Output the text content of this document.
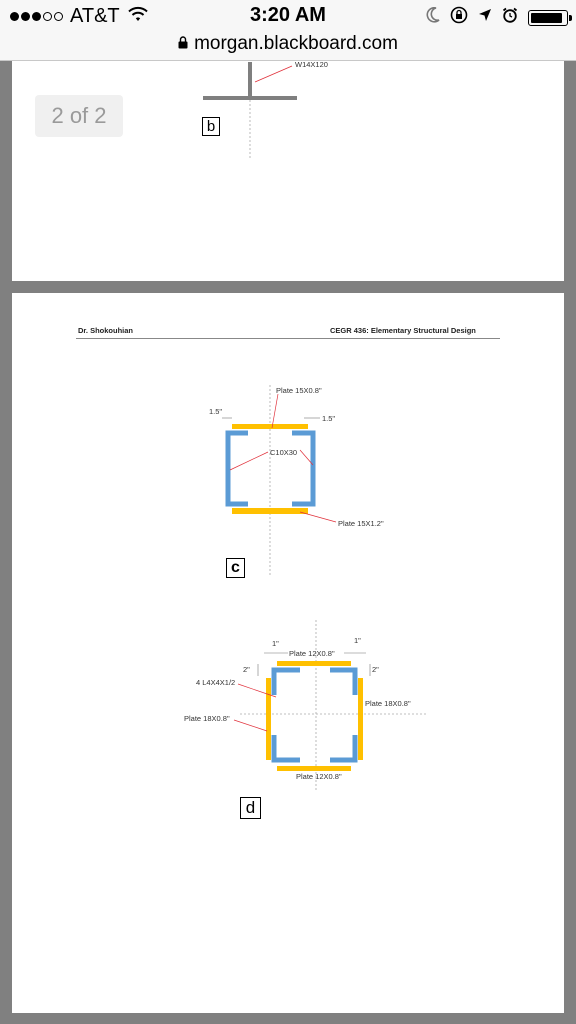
AT&T	3:20 AM
morgan.blackboard.com
W14X120
2 of 2	b
Dr. Shokouhian	CEGR 436: Elementary Structural Design
Plate 15X0.8"
1.5"
1.5"
C10X30
Plate 15X1.2"
1"
Plate 12X0.8"
1"
2"	2"
4 L4X4X1/2
Plate 18X0.8"
Plate 18X0.8"
Plate 12X0.8"
c
d
